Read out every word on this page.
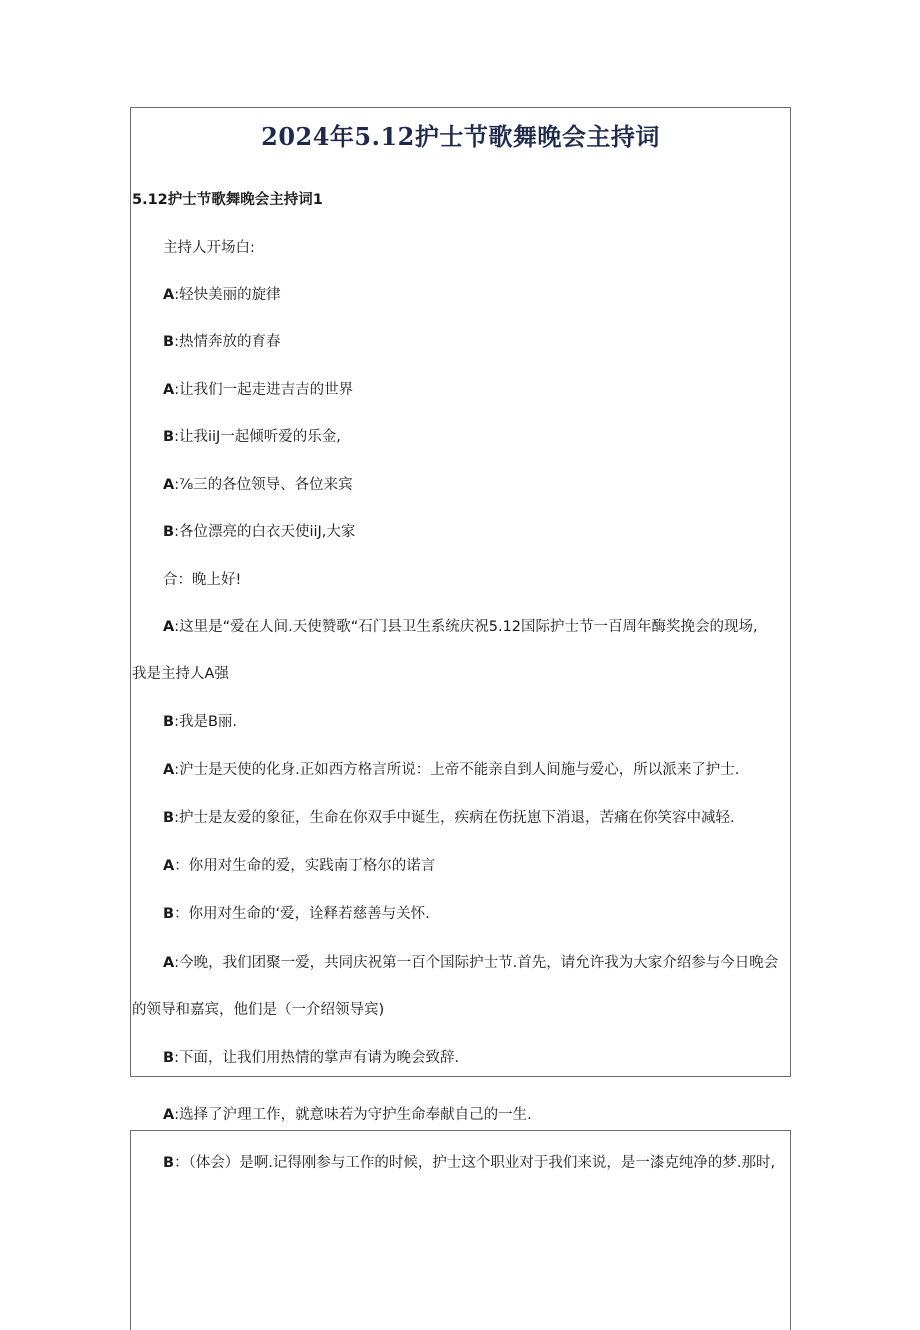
2024年5.12护士节歌舞晚会主持词
5.12护士节歌舞晚会主持词1
主持人开场白:
A:轻快美丽的旋律
B:热情奔放的育春
A:让我们一起走进吉吉的世界
B:让我iiJ一起倾听爱的乐金,
A:⅞三的各位领导、各位来宾
B:各位漂亮的白衣天使iiJ,大家
合：晚上好!
A:这里是“爱在人间.天使赞歌“石门县卫生系统庆祝5.12国际护士节一百周年酶奖挽会的现场,
我是主持人A强
B:我是B丽.
A:沪士是天使的化身.正如西方格言所说：上帝不能亲自到人间施与爱心，所以派来了护士.
B:护士是友爱的象征，生命在你双手中诞生，疾病在伤抚崽下消退，苦痛在你笑容中减轻.
A：你用对生命的爱，实践南丁格尔的诺言
B：你用对生命的‘爱，诠释若慈善与关怀.
A:今晚，我们团聚一爱，共同庆祝第一百个国际护士节.首先，请允许我为大家介绍参与今日晚会
的领导和嘉宾，他们是（一介绍领导宾)
B:下面，让我们用热情的掌声有请为晚会致辞.
A:选择了沪理工作，就意味若为守护生命奉献自己的一生.
B：（体会）是啊.记得刚参与工作的时候，护士这个职业对于我们来说，是一漆克纯净的梦.那时,
